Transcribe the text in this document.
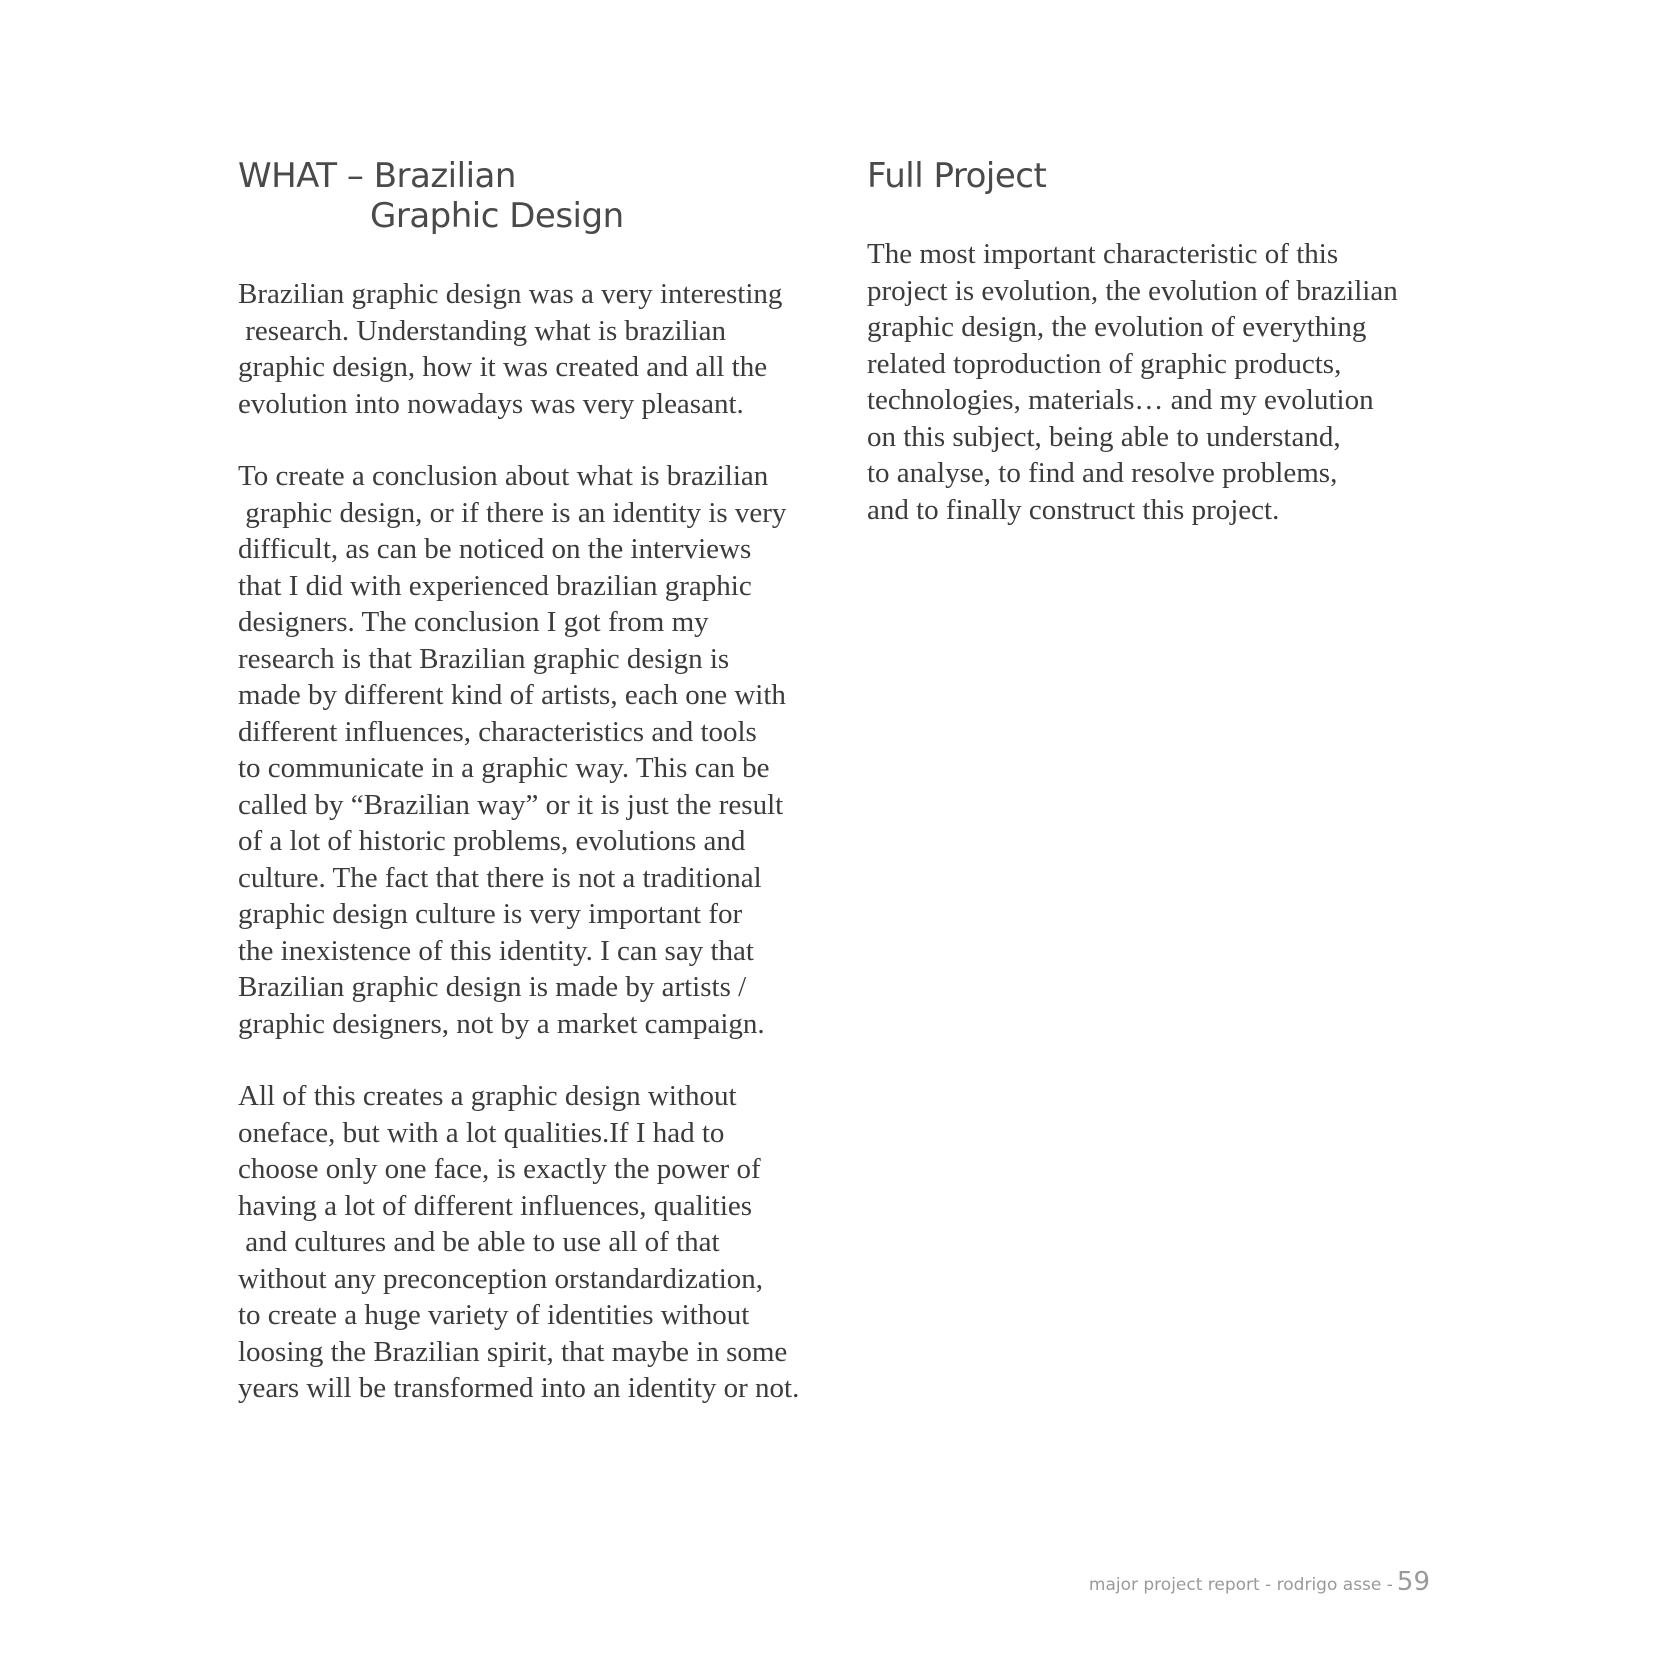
WHAT – Brazilian
Graphic Design
Brazilian graphic design was a very interesting
research. Understanding what is brazilian
graphic design, how it was created and all the
evolution into nowadays was very pleasant.
To create a conclusion about what is brazilian
graphic design, or if there is an identity is very
difficult, as can be noticed on the interviews
that I did with experienced brazilian graphic
designers. The conclusion I got from my
research is that Brazilian graphic design is
made by different kind of artists, each one with
different influences, characteristics and tools
to communicate in a graphic way. This can be
called by “Brazilian way” or it is just the result
of a lot of historic problems, evolutions and
culture. The fact that there is not a traditional
graphic design culture is very important for
the inexistence of this identity. I can say that
Brazilian graphic design is made by artists /
graphic designers, not by a market campaign.
All of this creates a graphic design without
oneface, but with a lot qualities.If I had to
choose only one face, is exactly the power of
having a lot of different influences, qualities
and cultures and be able to use all of that
without any preconception orstandardization,
to create a huge variety of identities without
loosing the Brazilian spirit, that maybe in some
years will be transformed into an identity or not.
Full Project
The most important characteristic of this
project is evolution, the evolution of brazilian
graphic design, the evolution of everything
related toproduction of graphic products,
technologies, materials… and my evolution
on this subject, being able to understand,
to analyse, to find and resolve problems,
and to finally construct this project.
major project report - rodrigo asse - 59
